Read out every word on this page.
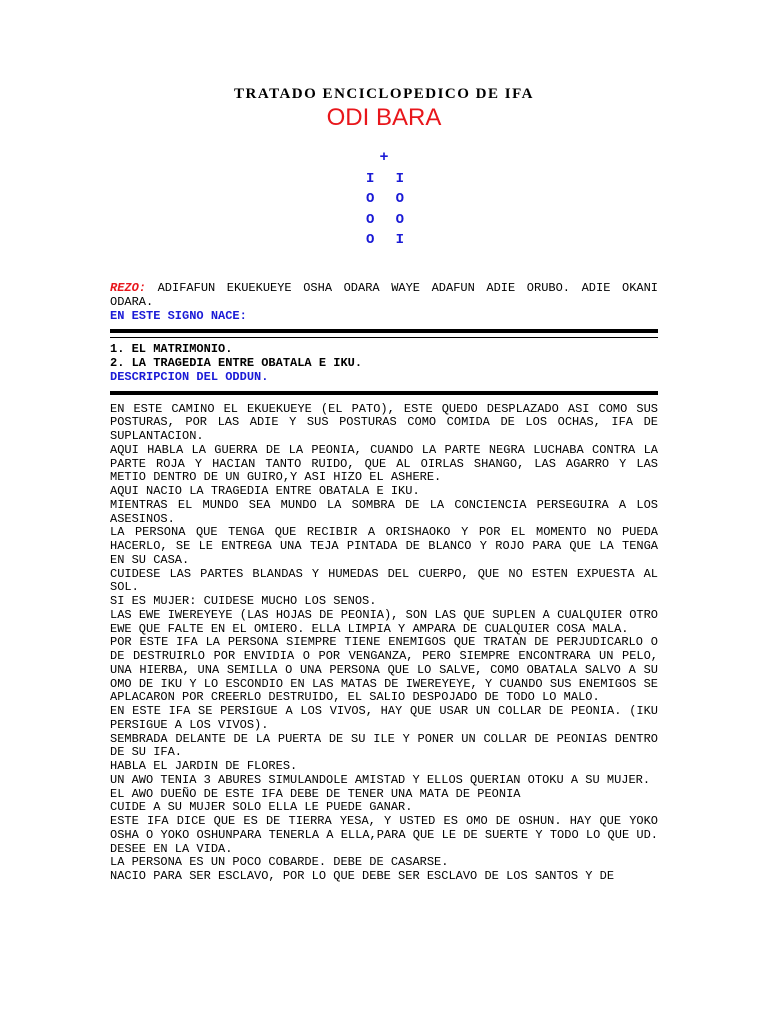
TRATADO ENCICLOPEDICO DE IFA
ODI BARA
+
I I
O O
O O
O I

REZO: ADIFAFUN EKUEKUEYE OSHA ODARA WAYE ADAFUN ADIE ORUBO. ADIE OKANI ODARA.

EN ESTE SIGNO NACE:

1. EL MATRIMONIO.

2. LA TRAGEDIA ENTRE OBATALA E IKU.

DESCRIPCION DEL ODDUN.

EN ESTE CAMINO EL EKUEKUEYE (EL PATO), ESTE QUEDO DESPLAZADO ASI COMO SUS POSTURAS, POR LAS ADIE Y SUS POSTURAS COMO COMIDA DE LOS OCHAS, IFA DE SUPLANTACION.

AQUI HABLA LA GUERRA DE LA PEONIA, CUANDO LA PARTE NEGRA LUCHABA CONTRA LA PARTE ROJA Y HACIAN TANTO RUIDO, QUE AL OIRLAS SHANGO, LAS AGARRO Y LAS METIO DENTRO DE UN GUIRO,Y ASI HIZO EL ASHERE.

AQUI NACIO LA TRAGEDIA ENTRE OBATALA E IKU.

MIENTRAS EL MUNDO SEA MUNDO LA SOMBRA DE LA CONCIENCIA PERSEGUIRA A LOS ASESINOS.

LA PERSONA QUE TENGA QUE RECIBIR A ORISHAOKO Y POR EL MOMENTO NO PUEDA HACERLO, SE LE ENTREGA UNA TEJA PINTADA DE BLANCO Y ROJO PARA QUE LA TENGA EN SU CASA.

CUIDESE LAS PARTES BLANDAS Y HUMEDAS DEL CUERPO, QUE NO ESTEN EXPUESTA AL SOL.

SI ES MUJER: CUIDESE MUCHO LOS SENOS.

LAS EWE IWEREYEYE (LAS HOJAS DE PEONIA), SON LAS QUE SUPLEN A CUALQUIER OTRO EWE QUE FALTE EN EL OMIERO. ELLA LIMPIA Y AMPARA DE CUALQUIER COSA MALA.

POR ESTE IFA LA PERSONA SIEMPRE TIENE ENEMIGOS QUE TRATAN DE PERJUDICARLO O DE DESTRUIRLO POR ENVIDIA O POR VENGANZA, PERO SIEMPRE ENCONTRARA UN PELO, UNA HIERBA, UNA SEMILLA O UNA PERSONA QUE LO SALVE, COMO OBATALA SALVO A SU OMO DE IKU Y LO ESCONDIO EN LAS MATAS DE IWEREYEYE, Y CUANDO SUS ENEMIGOS SE APLACARON POR CREERLO DESTRUIDO, EL SALIO DESPOJADO DE TODO LO MALO.

EN ESTE IFA SE PERSIGUE A LOS VIVOS, HAY QUE USAR UN COLLAR DE PEONIA. (IKU PERSIGUE A LOS VIVOS).

SEMBRADA DELANTE DE LA PUERTA DE SU ILE Y PONER UN COLLAR DE PEONIAS DENTRO DE SU IFA.

HABLA EL JARDIN DE FLORES.

UN AWO TENIA 3 ABURES SIMULANDOLE AMISTAD Y ELLOS QUERIAN OTOKU A SU MUJER.

EL AWO DUEÑO DE ESTE IFA DEBE DE TENER UNA MATA DE PEONIA

CUIDE A SU MUJER SOLO ELLA LE PUEDE GANAR.

ESTE IFA DICE QUE ES DE TIERRA YESA, Y USTED ES OMO DE OSHUN. HAY QUE YOKO OSHA O YOKO OSHUNPARA TENERLA A ELLA,PARA QUE LE DE SUERTE Y TODO LO QUE UD. DESEE EN LA VIDA.

LA PERSONA ES UN POCO COBARDE. DEBE DE CASARSE.

NACIO PARA SER ESCLAVO, POR LO QUE DEBE SER ESCLAVO DE LOS SANTOS Y DE
